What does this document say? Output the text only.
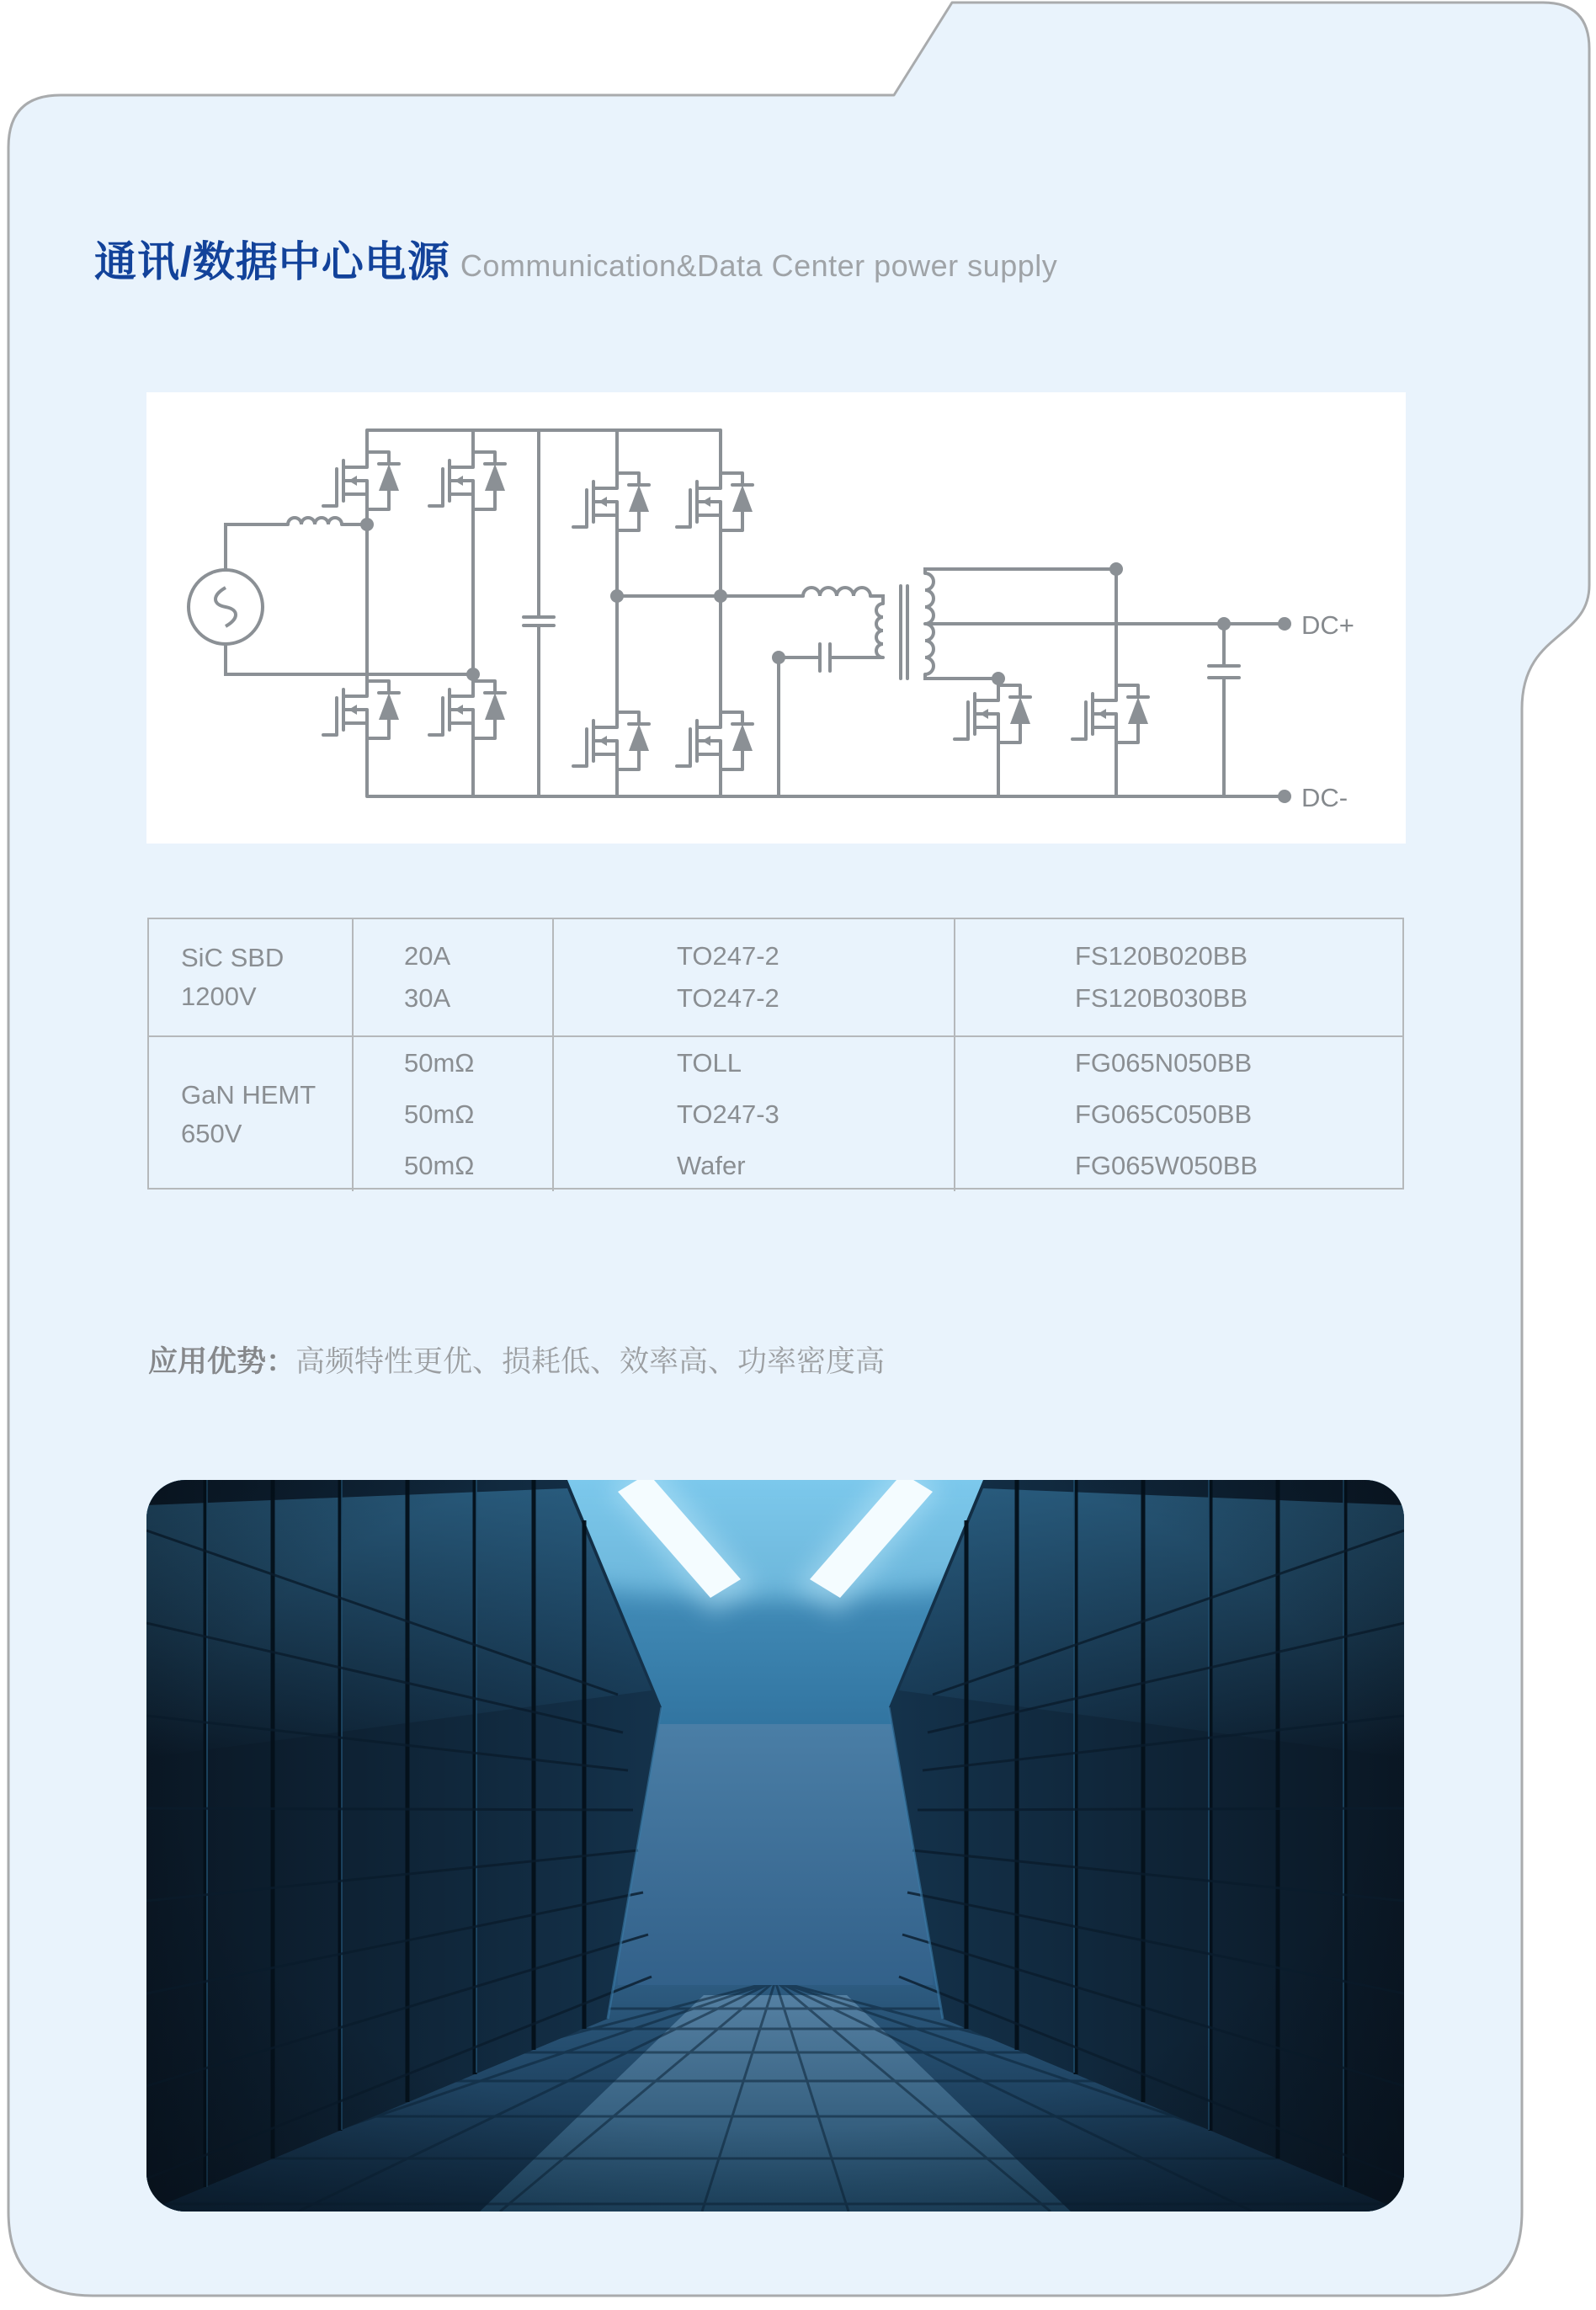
通讯/数据中心电源 Communication&Data Center power supply
DC+
DC-
SiC SBD
1200V
20A
30A
TO247-2
TO247-2
FS120B020BB
FS120B030BB
GaN HEMT
650V
50mΩ
50mΩ
50mΩ
TOLL
TO247-3
Wafer
FG065N050BB
FG065C050BB
FG065W050BB
应用优势：高频特性更优、损耗低、效率高、功率密度高
